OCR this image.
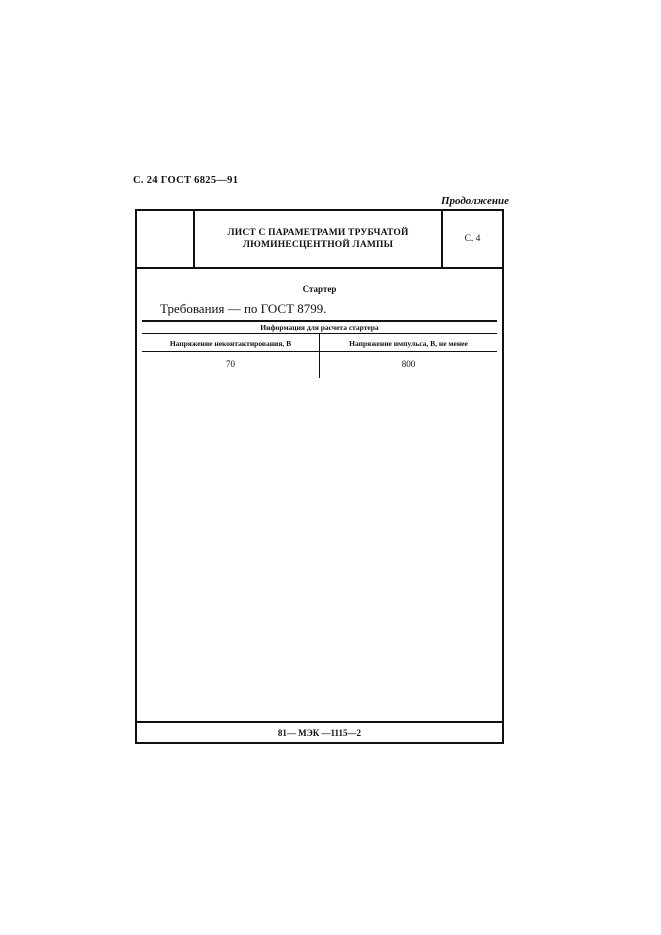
С. 24 ГОСТ 6825—91
Продолжение
ЛИСТ С ПАРАМЕТРАМИ ТРУБЧАТОЙ
ЛЮМИНЕСЦЕНТНОЙ ЛАМПЫ
С. 4
Стартер
Требования — по ГОСТ 8799.
Информация для расчета стартера
Напряжение неконтактирования, В	Напряжение импульса, В, не менее
70	800
81— МЭК —1115—2
